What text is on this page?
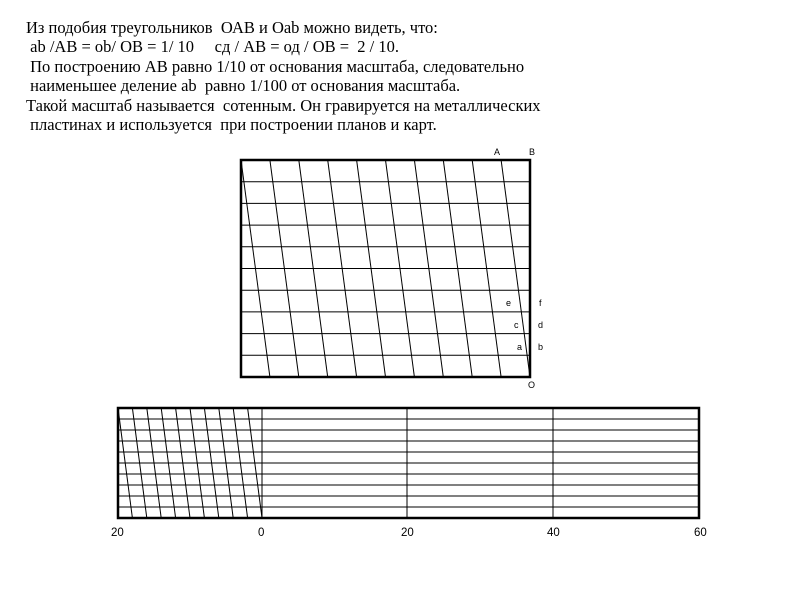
Из подобия треугольников  ОАВ и Оаb можно видеть, что:
аb /АВ = оb/ ОВ = 1/ 10     сд / АВ = од / ОВ =  2 / 10.
По построению АВ равно 1/10 от основания масштаба, следовательно
наименьшее деление аb  равно 1/100 от основания масштаба.
Такой масштаб называется  сотенным. Он гравируется на металлических
пластинах и используется  при построении планов и карт.
A	B
O
a b
c d
e	f
20	0	20	40	60
